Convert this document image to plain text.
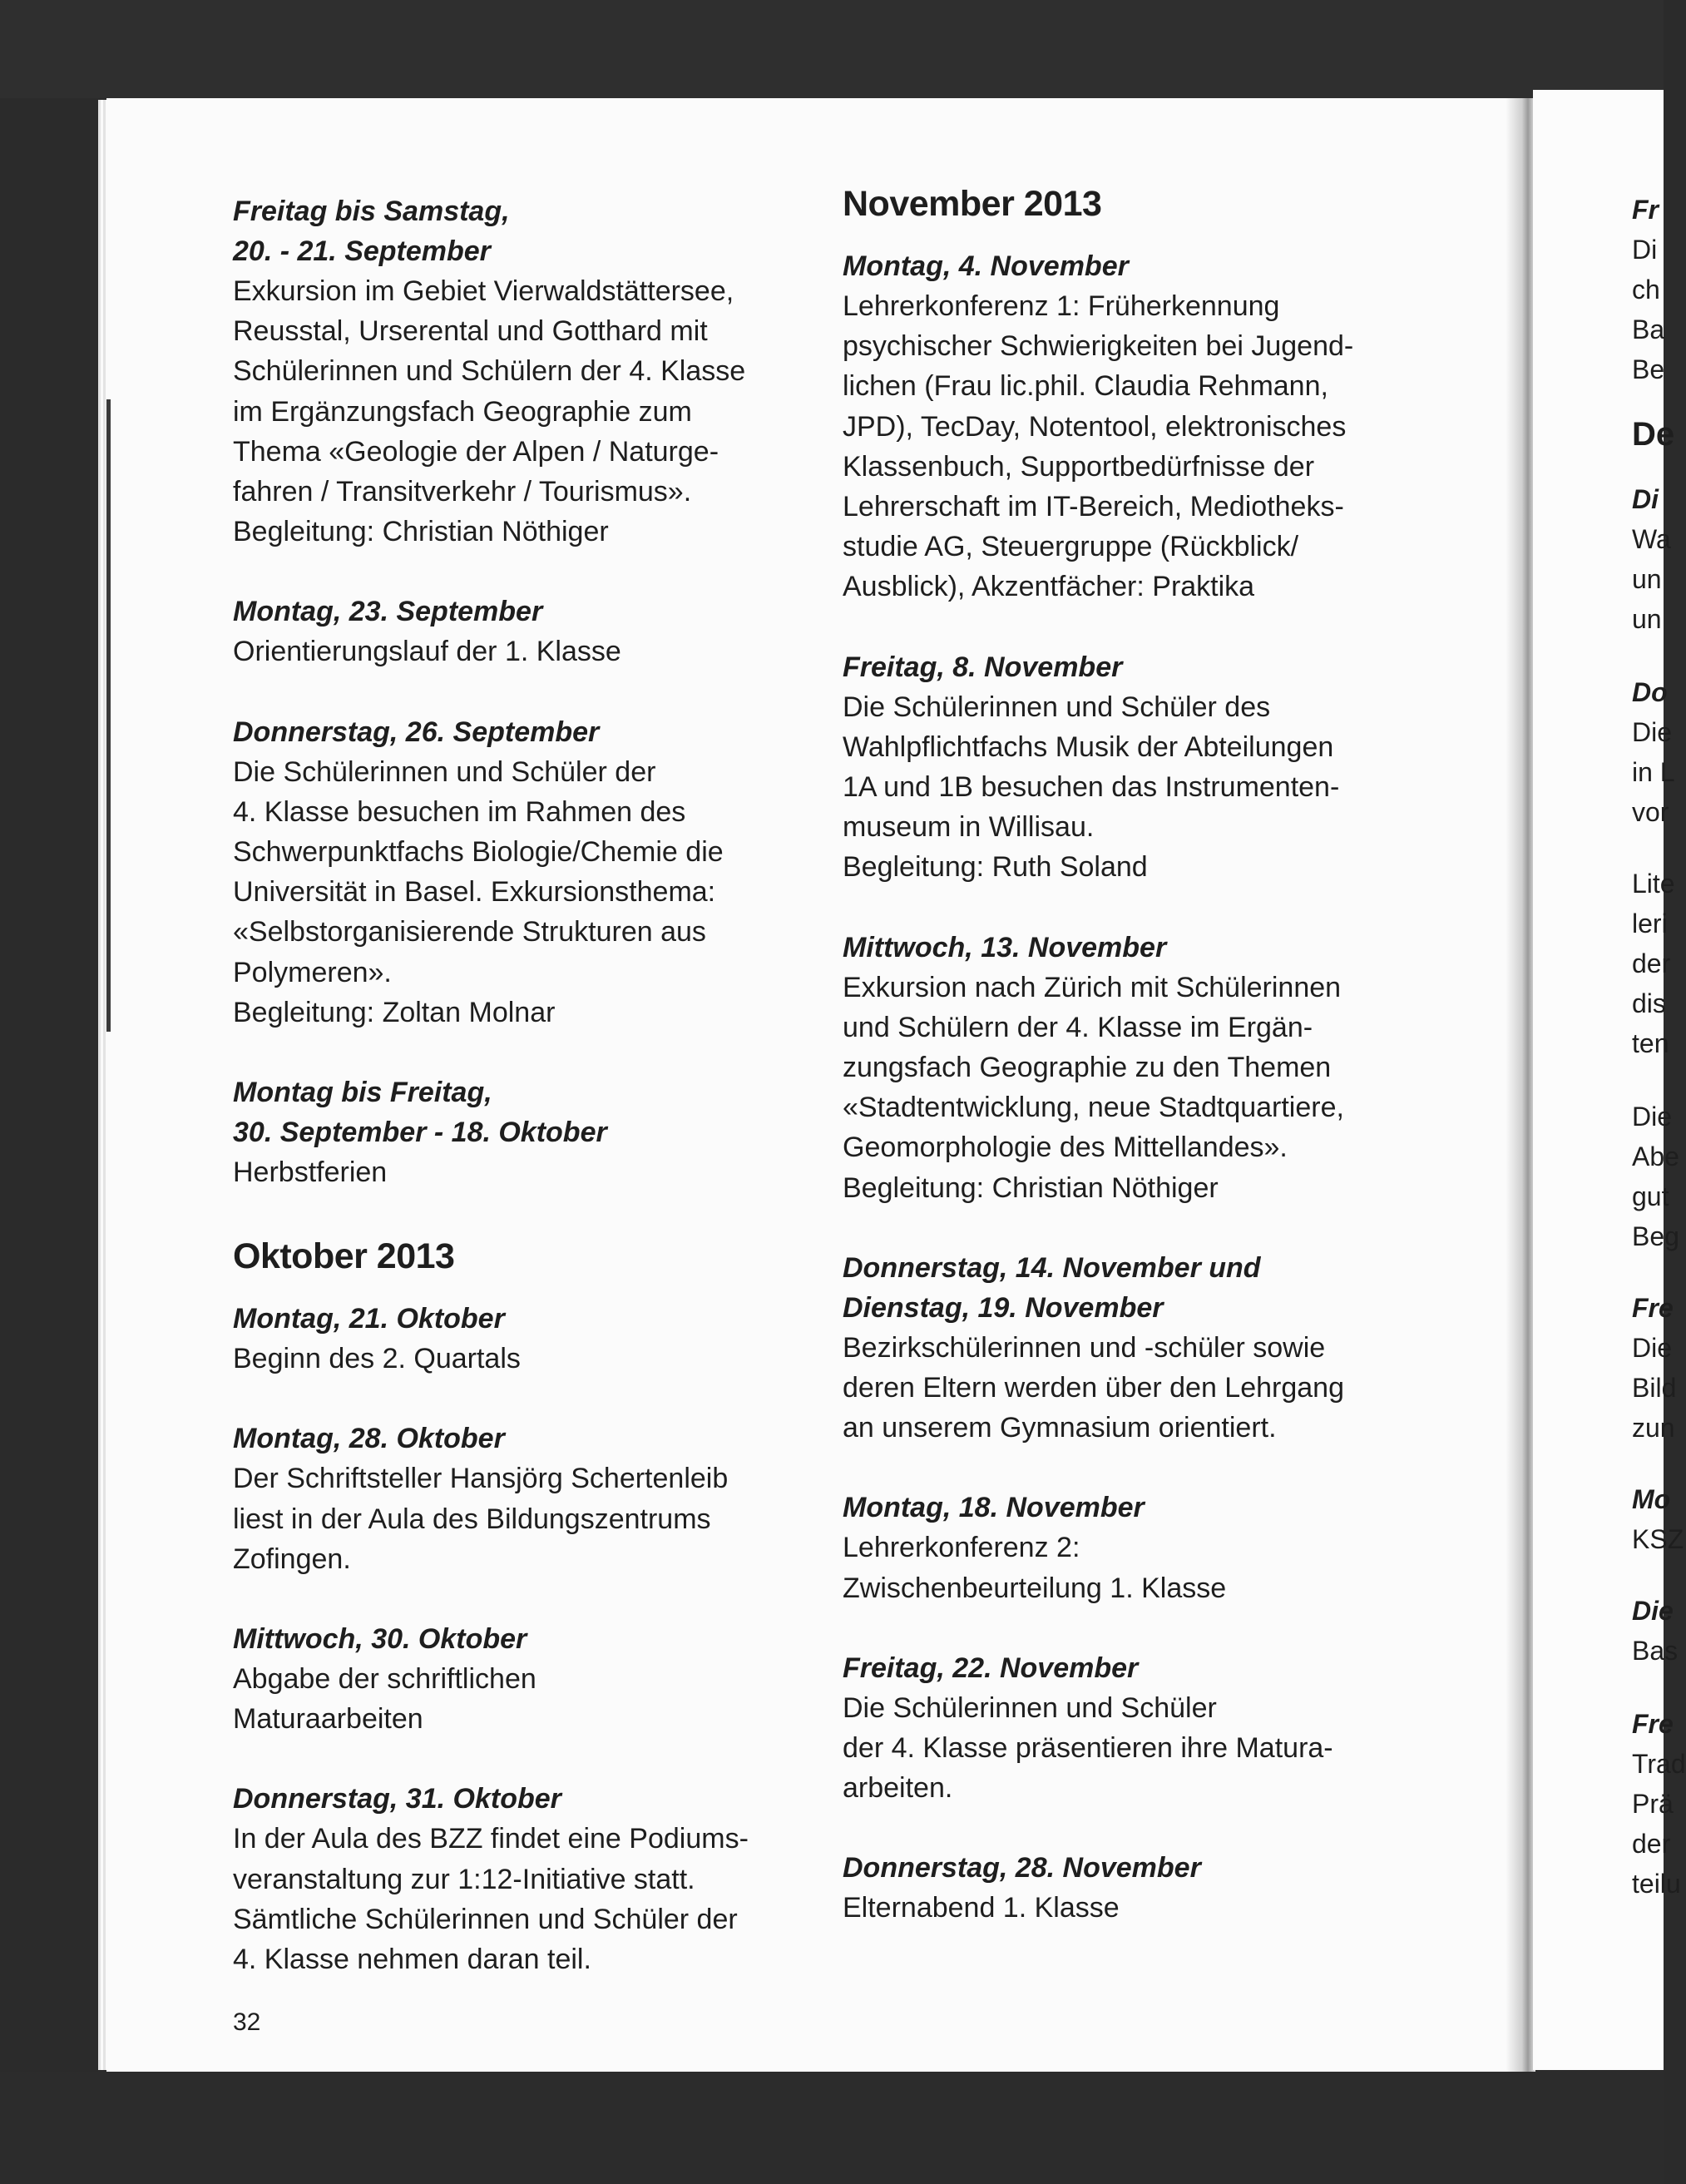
Freitag bis Samstag,
20. - 21. September
Exkursion im Gebiet Vierwaldstättersee,
Reusstal, Urserental und Gotthard mit
Schülerinnen und Schülern der 4. Klasse
im Ergänzungsfach Geographie zum
Thema «Geologie der Alpen / Naturge-
fahren / Transitverkehr / Tourismus».
Begleitung: Christian Nöthiger
Montag, 23. September
Orientierungslauf der 1. Klasse
Donnerstag, 26. September
Die Schülerinnen und Schüler der
4. Klasse besuchen im Rahmen des
Schwerpunktfachs Biologie/Chemie die
Universität in Basel. Exkursionsthema:
«Selbstorganisierende Strukturen aus
Polymeren».
Begleitung: Zoltan Molnar
Montag bis Freitag,
30. September - 18. Oktober
Herbstferien
Oktober 2013
Montag, 21. Oktober
Beginn des 2. Quartals
Montag, 28. Oktober
Der Schriftsteller Hansjörg Schertenleib
liest in der Aula des Bildungszentrums
Zofingen.
Mittwoch, 30. Oktober
Abgabe der schriftlichen
Maturaarbeiten
Donnerstag, 31. Oktober
In der Aula des BZZ findet eine Podiums-
veranstaltung zur 1:12-Initiative statt.
Sämtliche Schülerinnen und Schüler der
4. Klasse nehmen daran teil.
November 2013
Montag, 4. November
Lehrerkonferenz 1: Früherkennung
psychischer Schwierigkeiten bei Jugend-
lichen (Frau lic.phil. Claudia Rehmann,
JPD), TecDay, Notentool, elektronisches
Klassenbuch, Supportbedürfnisse der
Lehrerschaft im IT-Bereich, Mediotheks-
studie AG, Steuergruppe (Rückblick/
Ausblick), Akzentfächer: Praktika
Freitag, 8. November
Die Schülerinnen und Schüler des
Wahlpflichtfachs Musik der Abteilungen
1A und 1B besuchen das Instrumenten-
museum in Willisau.
Begleitung: Ruth Soland
Mittwoch, 13. November
Exkursion nach Zürich mit Schülerinnen
und Schülern der 4. Klasse im Ergän-
zungsfach Geographie zu den Themen
«Stadtentwicklung, neue Stadtquartiere,
Geomorphologie des Mittellandes».
Begleitung: Christian Nöthiger
Donnerstag, 14. November und
Dienstag, 19. November
Bezirkschülerinnen und -schüler sowie
deren Eltern werden über den Lehrgang
an unserem Gymnasium orientiert.
Montag, 18. November
Lehrerkonferenz 2:
Zwischenbeurteilung 1. Klasse
Freitag, 22. November
Die Schülerinnen und Schüler
der 4. Klasse präsentieren ihre Matura-
arbeiten.
Donnerstag, 28. November
Elternabend 1. Klasse
32
Fr
Di
ch
Ba
Be
De
Di
Wa
un
un
Do
Die
in L
vor
Lite
leri
der
dis
ten
Die
Abe
gut
Beg
Fre
Die
Bild
zun
Mo
KSZ
Die
Bas
Fre
Trad
Prä
der
teilu
